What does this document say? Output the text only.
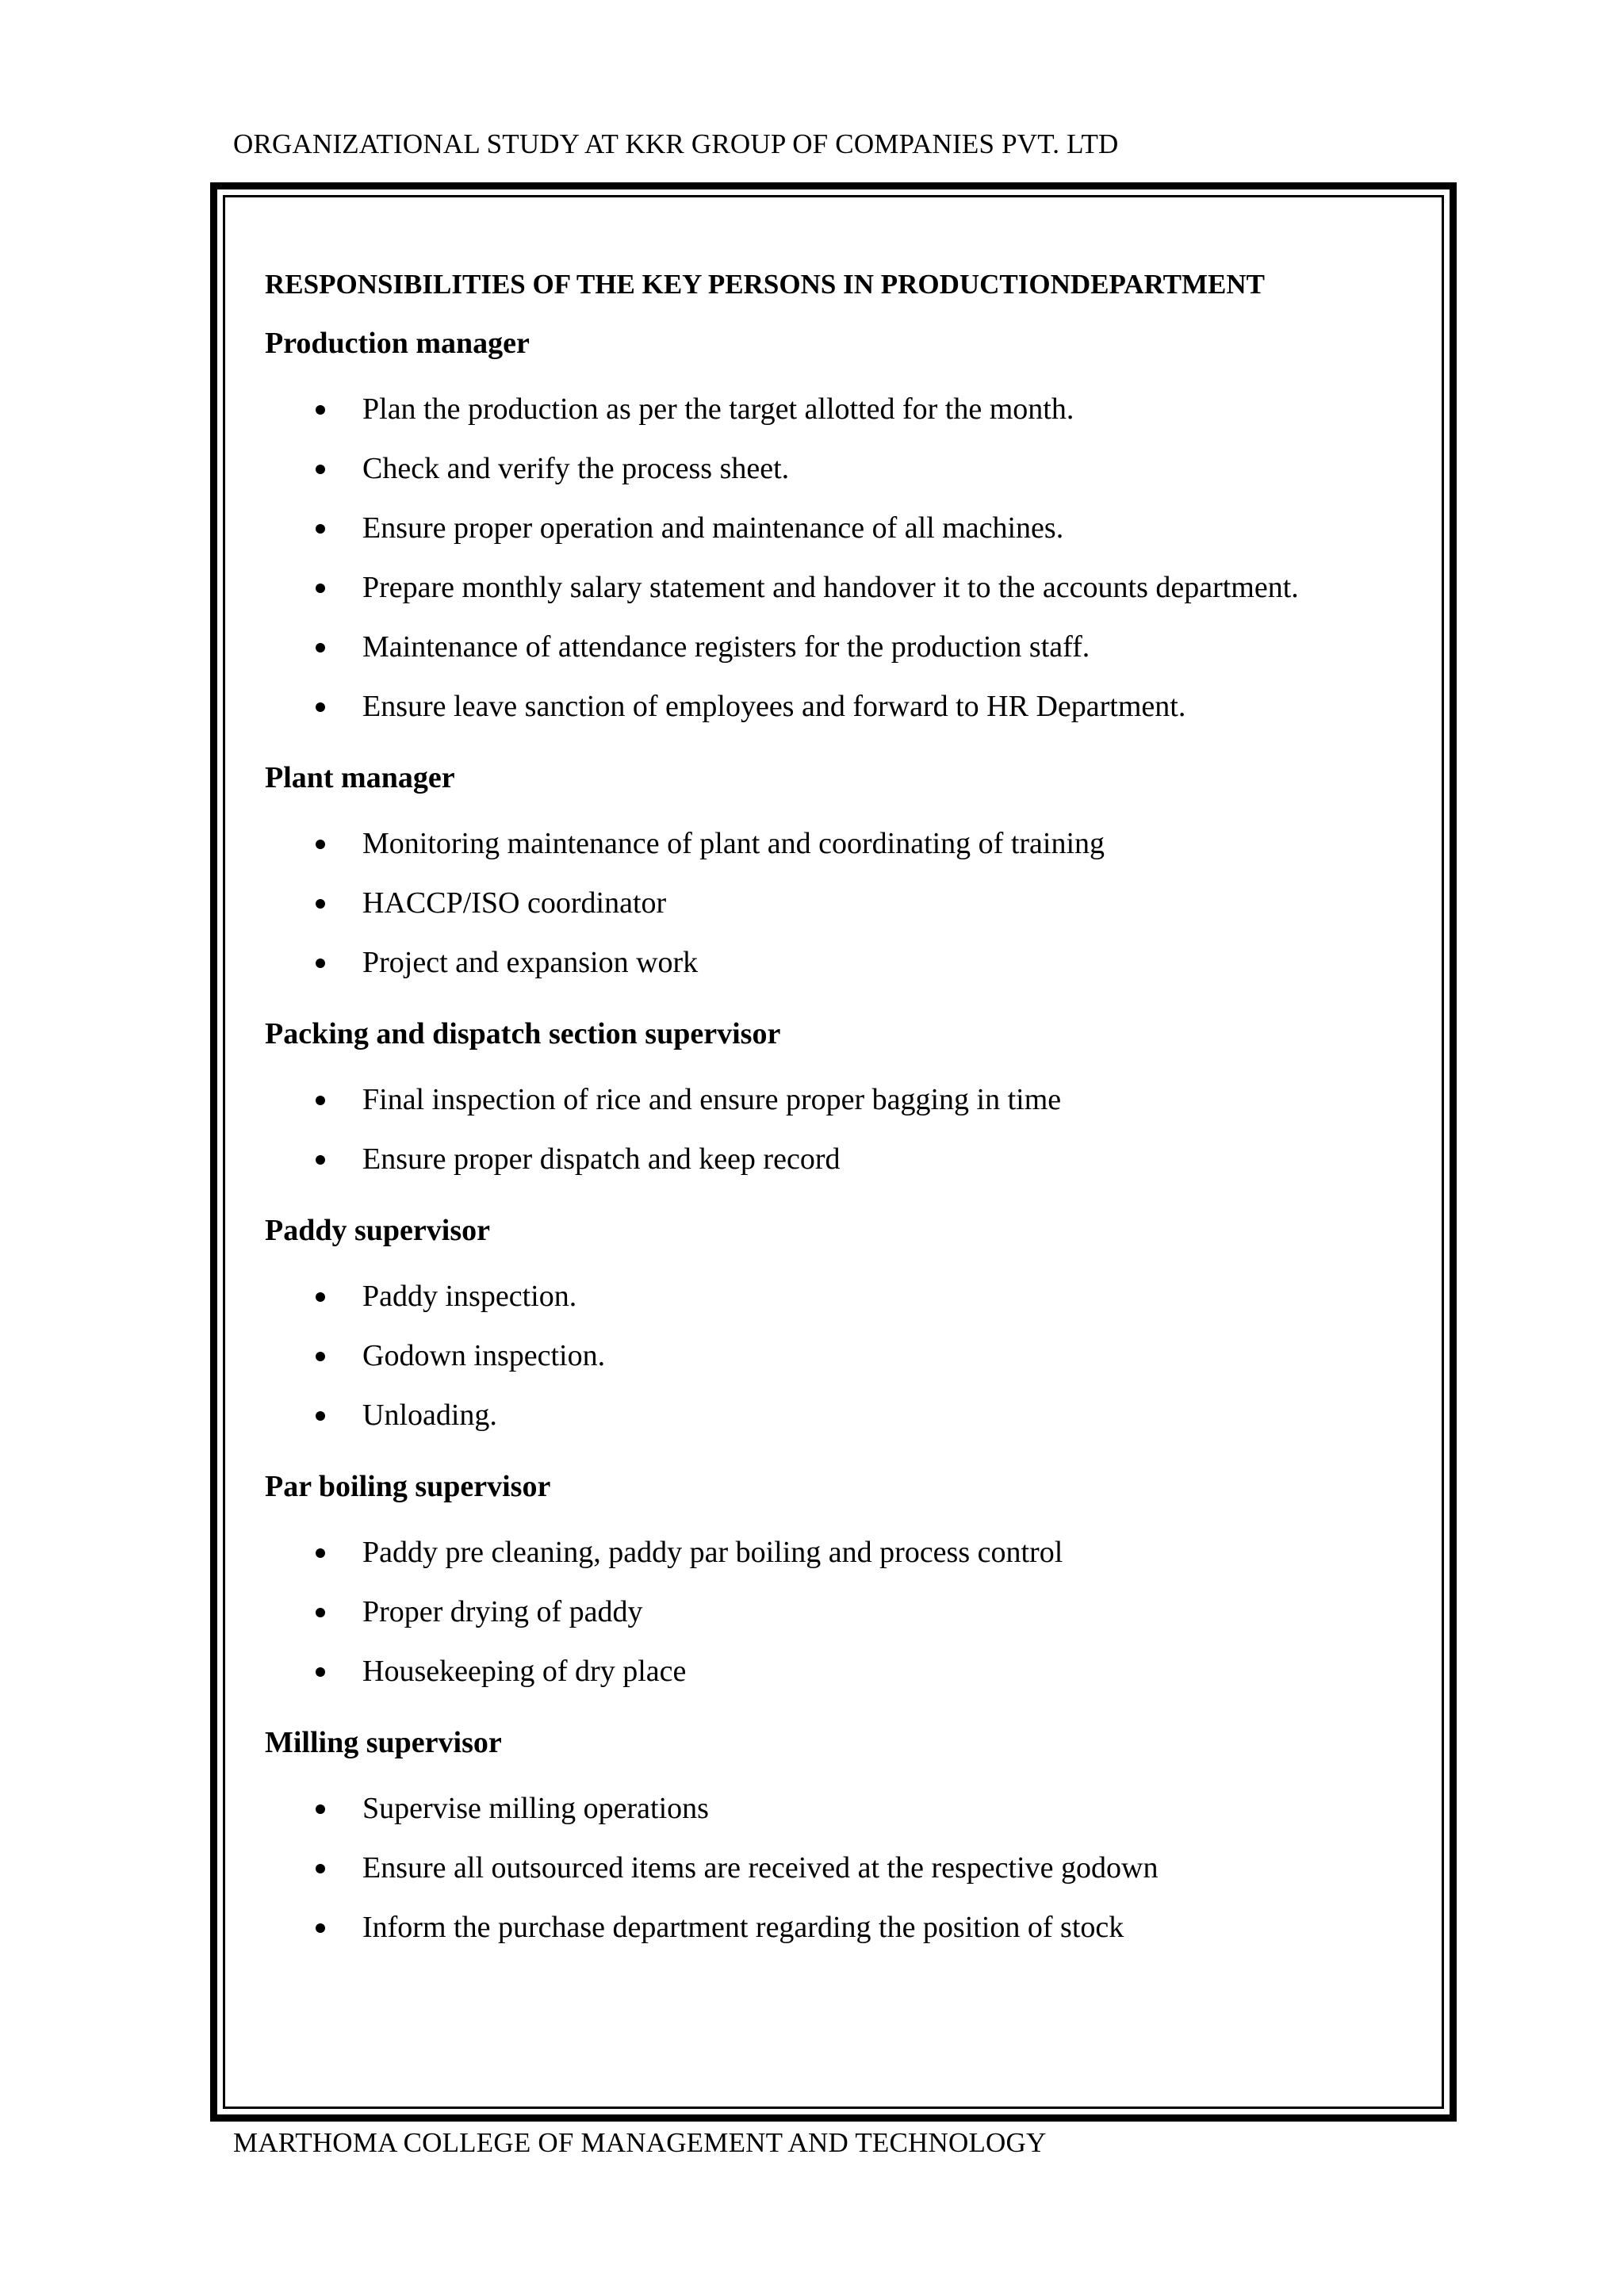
ORGANIZATIONAL STUDY AT KKR GROUP OF COMPANIES PVT. LTD
RESPONSIBILITIES OF THE KEY PERSONS IN PRODUCTIONDEPARTMENT
Production manager
Plan the production as per the target allotted for the month.
Check and verify the process sheet.
Ensure proper operation and maintenance of all machines.
Prepare monthly salary statement and handover it to the accounts department.
Maintenance of attendance registers for the production staff.
Ensure leave sanction of employees and forward to HR Department.
Plant manager
Monitoring maintenance of plant and coordinating of training
HACCP/ISO coordinator
Project and expansion work
Packing and dispatch section supervisor
Final inspection of rice and ensure proper bagging in time
Ensure proper dispatch and keep record
Paddy supervisor
Paddy inspection.
Godown inspection.
Unloading.
Par boiling supervisor
Paddy pre cleaning, paddy par boiling and process control
Proper drying of paddy
Housekeeping of dry place
Milling supervisor
Supervise milling operations
Ensure all outsourced items are received at the respective godown
Inform the purchase department regarding the position of stock
MARTHOMA COLLEGE OF MANAGEMENT AND TECHNOLOGY
